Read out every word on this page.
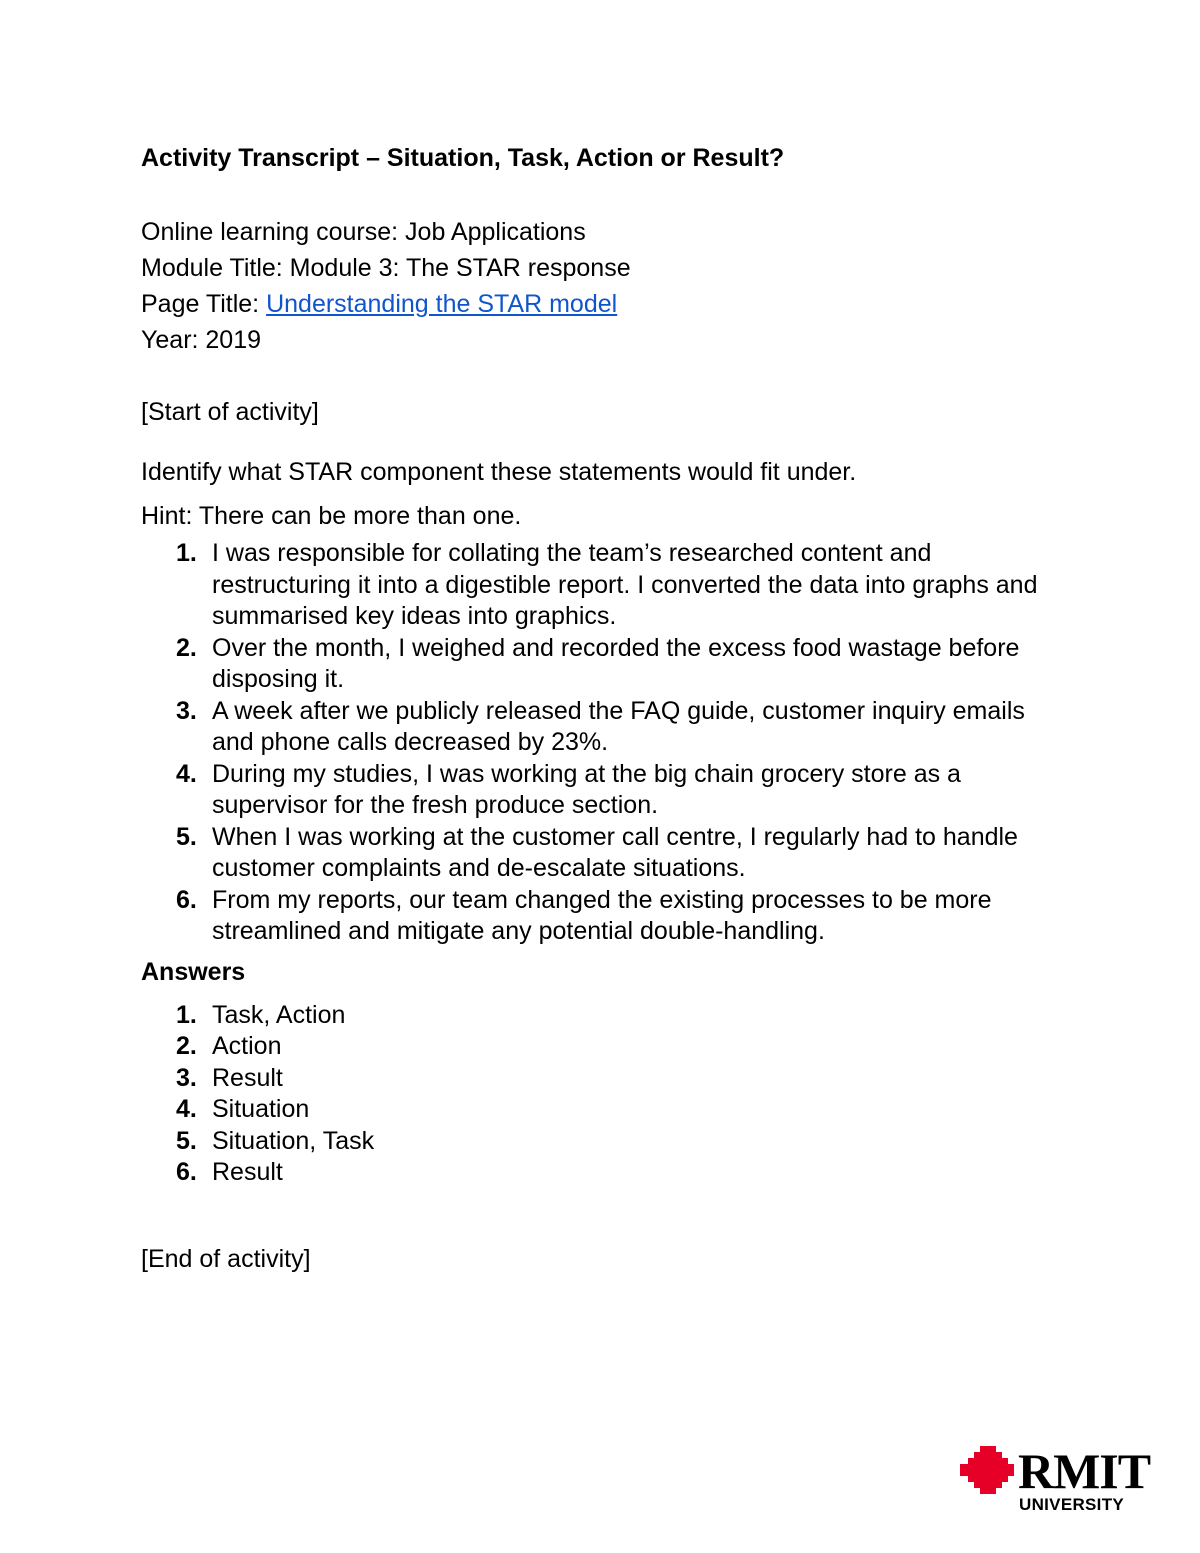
Activity Transcript – Situation, Task, Action or Result?
Online learning course: Job Applications
Module Title: Module 3: The STAR response
Page Title: Understanding the STAR model
Year: 2019
[Start of activity]
Identify what STAR component these statements would fit under.
Hint: There can be more than one.
1. I was responsible for collating the team’s researched content and restructuring it into a digestible report. I converted the data into graphs and summarised key ideas into graphics.
2. Over the month, I weighed and recorded the excess food wastage before disposing it.
3. A week after we publicly released the FAQ guide, customer inquiry emails and phone calls decreased by 23%.
4. During my studies, I was working at the big chain grocery store as a supervisor for the fresh produce section.
5. When I was working at the customer call centre, I regularly had to handle customer complaints and de-escalate situations.
6. From my reports, our team changed the existing processes to be more streamlined and mitigate any potential double-handling.
Answers
1. Task, Action
2. Action
3. Result
4. Situation
5. Situation, Task
6. Result
[End of activity]
RMIT
UNIVERSITY
